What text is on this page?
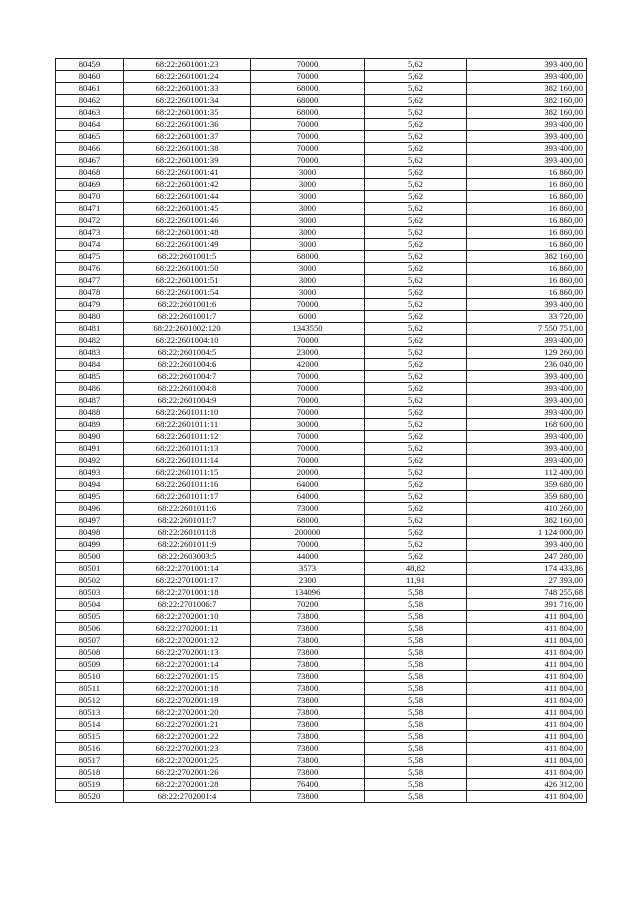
80459	68:22:2601001:23	70000	5,62	393 400,00
80460	68:22:2601001:24	70000	5,62	393 400,00
80461	68:22:2601001:33	68000	5,62	382 160,00
80462	68:22:2601001:34	68000	5,62	382 160,00
80463	68:22:2601001:35	68000	5,62	382 160,00
80464	68:22:2601001:36	70000	5,62	393 400,00
80465	68:22:2601001:37	70000	5,62	393 400,00
80466	68:22:2601001:38	70000	5,62	393 400,00
80467	68:22:2601001:39	70000	5,62	393 400,00
80468	68:22:2601001:41	3000	5,62	16 860,00
80469	68:22:2601001:42	3000	5,62	16 860,00
80470	68:22:2601001:44	3000	5,62	16 860,00
80471	68:22:2601001:45	3000	5,62	16 860,00
80472	68:22:2601001:46	3000	5,62	16 860,00
80473	68:22:2601001:48	3000	5,62	16 860,00
80474	68:22:2601001:49	3000	5,62	16 860,00
80475	68:22:2601001:5	68000	5,62	382 160,00
80476	68:22:2601001:50	3000	5,62	16 860,00
80477	68:22:2601001:51	3000	5,62	16 860,00
80478	68:22:2601001:54	3000	5,62	16 860,00
80479	68:22:2601001:6	70000	5,62	393 400,00
80480	68:22:2601001:7	6000	5,62	33 720,00
80481	68:22:2601002:120	1343550	5,62	7 550 751,00
80482	68:22:2601004:10	70000	5,62	393 400,00
80483	68:22:2601004:5	23000	5,62	129 260,00
80484	68:22:2601004:6	42000	5,62	236 040,00
80485	68:22:2601004:7	70000	5,62	393 400,00
80486	68:22:2601004:8	70000	5,62	393 400,00
80487	68:22:2601004:9	70000	5,62	393 400,00
80488	68:22:2601011:10	70000	5,62	393 400,00
80489	68:22:2601011:11	30000	5,62	168 600,00
80490	68:22:2601011:12	70000	5,62	393 400,00
80491	68:22:2601011:13	70000	5,62	393 400,00
80492	68:22:2601011:14	70000	5,62	393 400,00
80493	68:22:2601011:15	20000	5,62	112 400,00
80494	68:22:2601011:16	64000	5,62	359 680,00
80495	68:22:2601011:17	64000	5,62	359 680,00
80496	68:22:2601011:6	73000	5,62	410 260,00
80497	68:22:2601011:7	68000	5,62	382 160,00
80498	68:22:2601011:8	200000	5,62	1 124 000,00
80499	68:22:2601011:9	70000	5,62	393 400,00
80500	68:22:2603003:5	44000	5,62	247 280,00
80501	68:22:2701001:14	3573	48,82	174 433,86
80502	68:22:2701001:17	2300	11,91	27 393,00
80503	68:22:2701001:18	134096	5,58	748 255,68
80504	68:22:2701006:7	70200	5,58	391 716,00
80505	68:22:2702001:10	73800	5,58	411 804,00
80506	68:22:2702001:11	73800	5,58	411 804,00
80507	68:22:2702001:12	73800	5,58	411 804,00
80508	68:22:2702001:13	73800	5,58	411 804,00
80509	68:22:2702001:14	73800	5,58	411 804,00
80510	68:22:2702001:15	73800	5,58	411 804,00
80511	68:22:2702001:18	73800	5,58	411 804,00
80512	68:22:2702001:19	73800	5,58	411 804,00
80513	68:22:2702001:20	73800	5,58	411 804,00
80514	68:22:2702001:21	73800	5,58	411 804,00
80515	68:22:2702001:22	73800	5,58	411 804,00
80516	68:22:2702001:23	73800	5,58	411 804,00
80517	68:22:2702001:25	73800	5,58	411 804,00
80518	68:22:2702001:26	73800	5,58	411 804,00
80519	68:22:2702001:28	76400	5,58	426 312,00
80520	68:22:2702001:4	73800	5,58	411 804,00
